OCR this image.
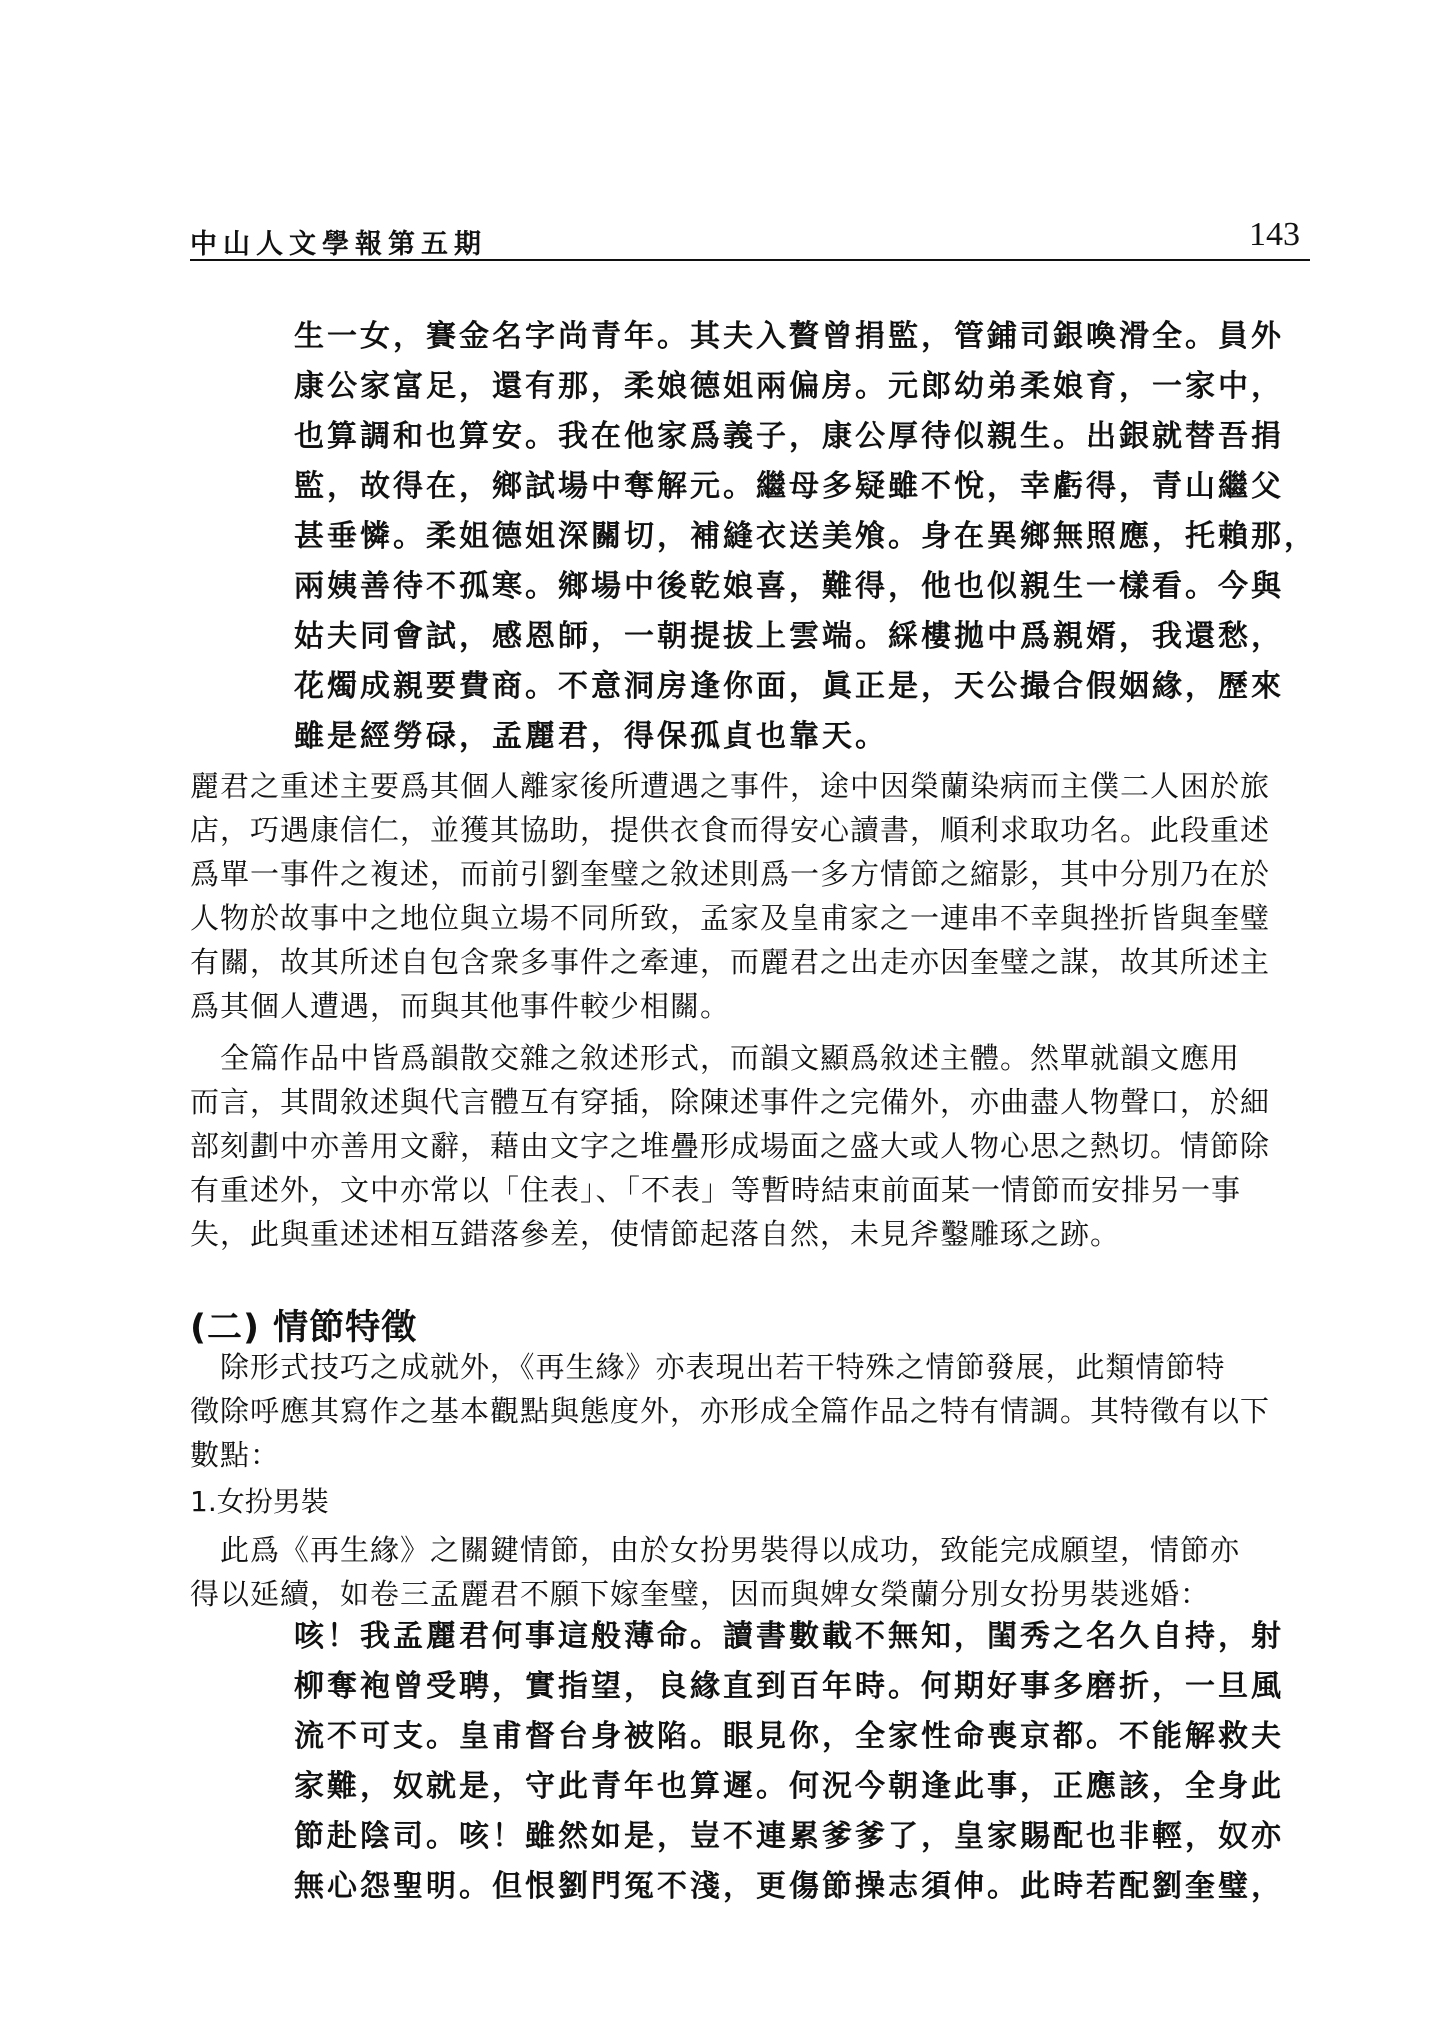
中山人文學報第五期	143

生一女，賽金名字尚青年。其夫入贅曾捐監，管鋪司銀喚滑全。員外

康公家富足，還有那，柔娘德姐兩偏房。元郎幼弟柔娘育，一家中，

也算調和也算安。我在他家爲義子，康公厚待似親生。出銀就替吾捐

監，故得在，鄉試場中奪解元。繼母多疑雖不悅，幸虧得，青山繼父

甚垂憐。柔姐德姐深關切，補縫衣送美飧。身在異鄉無照應，托賴那，

兩姨善待不孤寒。鄉場中後乾娘喜，難得，他也似親生一樣看。今與

姑夫同會試，感恩師，一朝提拔上雲端。綵樓拋中爲親婿，我還愁，

花燭成親要費商。不意洞房逢你面，眞正是，天公撮合假姻緣，歷來

雖是經勞碌，孟麗君，得保孤貞也靠天。

麗君之重述主要爲其個人離家後所遭遇之事件，途中因榮蘭染病而主僕二人困於旅

店，巧遇康信仁，並獲其協助，提供衣食而得安心讀書，順利求取功名。此段重述

爲單一事件之複述，而前引劉奎璧之敘述則爲一多方情節之縮影，其中分別乃在於

人物於故事中之地位與立場不同所致，孟家及皇甫家之一連串不幸與挫折皆與奎璧

有關，故其所述自包含衆多事件之牽連，而麗君之出走亦因奎璧之謀，故其所述主

爲其個人遭遇，而與其他事件較少相關。

　全篇作品中皆爲韻散交雜之敘述形式，而韻文顯爲敘述主體。然單就韻文應用

而言，其間敘述與代言體互有穿插，除陳述事件之完備外，亦曲盡人物聲口，於細

部刻劃中亦善用文辭，藉由文字之堆疊形成場面之盛大或人物心思之熱切。情節除

有重述外，文中亦常以「住表」、「不表」等暫時結束前面某一情節而安排另一事

失，此與重述述相互錯落參差，使情節起落自然，未見斧鑿雕琢之跡。

(二) 情節特徵

　除形式技巧之成就外，《再生緣》亦表現出若干特殊之情節發展，此類情節特

徵除呼應其寫作之基本觀點與態度外，亦形成全篇作品之特有情調。其特徵有以下

數點：

1.女扮男裝

　此爲《再生緣》之關鍵情節，由於女扮男裝得以成功，致能完成願望，情節亦

得以延續，如卷三孟麗君不願下嫁奎璧，因而與婢女榮蘭分別女扮男裝逃婚：

咳！我孟麗君何事這般薄命。讀書數載不無知，閨秀之名久自持，射

柳奪袍曾受聘，實指望，良緣直到百年時。何期好事多磨折，一旦風

流不可支。皇甫督台身被陷。眼見你，全家性命喪京都。不能解救夫

家難，奴就是，守此青年也算遲。何況今朝逢此事，正應該，全身此

節赴陰司。咳！雖然如是，豈不連累爹爹了，皇家賜配也非輕，奴亦

無心怨聖明。但恨劉門冤不淺，更傷節操志須伸。此時若配劉奎璧，
